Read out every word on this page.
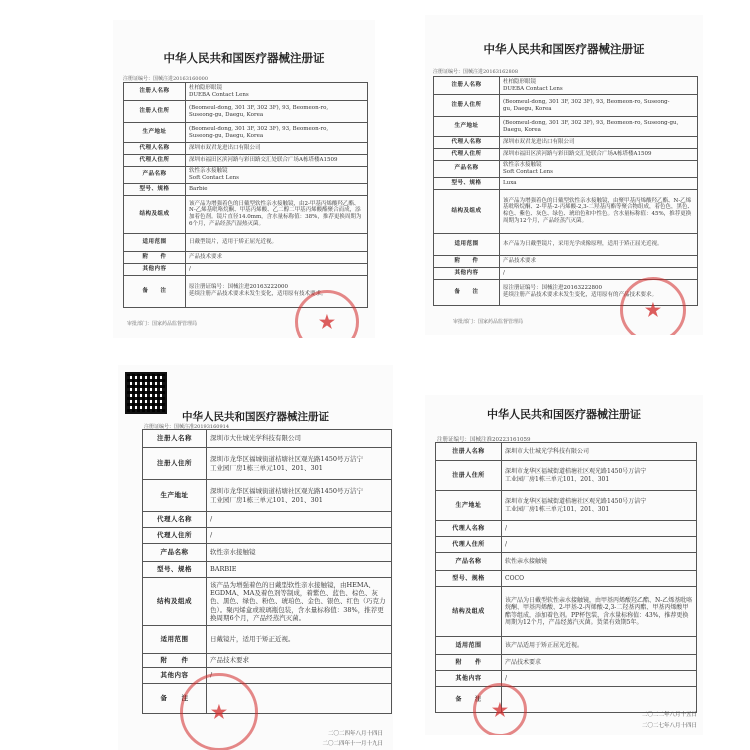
中华人民共和国医疗器械注册证
注册证编号：国械注进20163160000
注册人名称	杜柏隐形眼镜
DUEBA Contact Lens

注册人住所	(Beomeul-dong, 301 3F, 302 3F), 93, Beomeon-ro,
Suseong-gu, Daegu, Korea

生产地址	(Beomeul-dong, 301 3F, 302 3F), 93, Beomeon-ro,
Suseong-gu, Daegu, Korea

代理人名称	深圳市双君龙进出口有限公司

代理人住所	深圳市福田区滨河路与彩田路交汇处联合广场A栋塔楼A1509

产品名称	软性亲水接触镜
Soft Contact Lens

型号、规格	Barbie

结构及组成	该产品为增强着色的日戴型软性亲水接触镜，由2-甲基丙烯酸羟乙酯、N-乙烯基吡咯烷酮、甲基丙烯酸、乙二醇二甲基丙烯酸酯聚合而成，添加着色剂。镜片直径14.0mm，含水量标称值：38%，推荐更换周期为6个月，产品经蒸汽湿热灭菌。

适用范围	日戴型镜片，适用于矫正屈光近视。

附　　件	产品技术要求

其他内容	/

备　　注	原注册证编号：国械注进20163222000
延续注册产品技术要求未发生变化，适用原有技术要求。
审批部门：国家药品监督管理局	★
中华人民共和国医疗器械注册证
注册证编号：国械注进20163162808
注册人名称	杜柏隐形眼镜
DUEBA Contact Lens

注册人住所	(Beomeul-dong, 301 3F, 302 3F), 93, Beomeon-ro, Suseong-
gu, Daegu, Korea

生产地址	(Beomeul-dong, 301 3F, 302 3F), 93, Beomeon-ro, Suseong-gu,
Daegu, Korea

代理人名称	深圳市双君龙进出口有限公司

代理人住所	深圳市福田区滨河路与彩田路交汇处联合广场A栋塔楼A1509

产品名称	软性亲水接触镜
Soft Contact Lens

型号、规格	Luxa

结构及组成	该产品为增强着色的日戴型软性亲水接触镜，由聚甲基丙烯酸羟乙酯、N-乙烯基吡咯烷酮、2-甲基-2-丙烯酸-2,3-二羟基丙酯等聚合物组成，着色色，黑色、棕色、紫色、灰色、绿色、琥珀色和中性色。含水量标称值：45%，推荐更换周期为12个月，产品经蒸汽灭菌。

适用范围	本产品为日戴型镜片，采用光学成像原理，适用于矫正屈光近视。

附　　件	产品技术要求

其他内容	/

备　　注	原注册证编号：国械注进20163222800
延续注册产品技术要求未发生变化，适用原有的产品技术要求。
审批部门：国家药品监督管理局
★
中华人民共和国医疗器械注册证
注册证编号：国械注准20193160914
注册人名称	深圳市大仕城光学科技有限公司

注册人住所	深圳市龙华区福城街道桔塘社区观光路1450号万洁宁
工业园厂房1栋三单元101、201、301

生产地址	深圳市龙华区福城街道桔塘社区观光路1450号万洁宁
工业园厂房1栋三单元101、201、301

代理人名称	/

代理人住所	/

产品名称	软性亲水接触镜

型号、规格	BARBIE

结构及组成	该产品为增强着色的日戴型软性亲水接触镜，由HEMA、EGDMA、MA及着色剂等制成，着紫色、蓝色、棕色、灰色、黑色、绿色、粉色、琥珀色、金色、银色、红色（巧克力色）。聚丙烯盒或玻璃瓶包装，含水量标称值：38%，推荐更换周期6个月，产品经蒸汽灭菌。

适用范围	日戴镜片，适用于矫正近视。

附　　件	产品技术要求

其他内容	/

备　　注	
二〇二四年八月十四日
二〇二四年十一月十九日
★
中华人民共和国医疗器械注册证
注册证编号：国械注准20223161059
注册人名称	深圳市大仕城光学科技有限公司

注册人住所	深圳市龙华区福城街道桔塘社区观光路1450号万洁宁
工业园厂房1栋三单元101、201、301

生产地址	深圳市龙华区福城街道桔塘社区观光路1450号万洁宁
工业园厂房1栋三单元101、201、301

代理人名称	/

代理人住所	/

产品名称	软性亲水接触镜

型号、规格	COCO

结构及组成	该产品为日戴型软性亲水接触镜，由甲基丙烯酸羟乙酯、N-乙烯基吡咯烷酮、甲基丙烯酸、2-甲基-2-丙烯酸-2,3-二羟基丙酯、甲基丙烯酸甲酯等组成，添加着色剂。PP杯包装，含水量标称值：43%，推荐更换周期为12个月，产品经蒸汽灭菌。货架有效期5年。

适用范围	该产品适用于矫正屈光近视。

附　　件	产品技术要求

其他内容	/

备　　注	
二〇二二年八月十五日
二〇二七年八月十四日
★
